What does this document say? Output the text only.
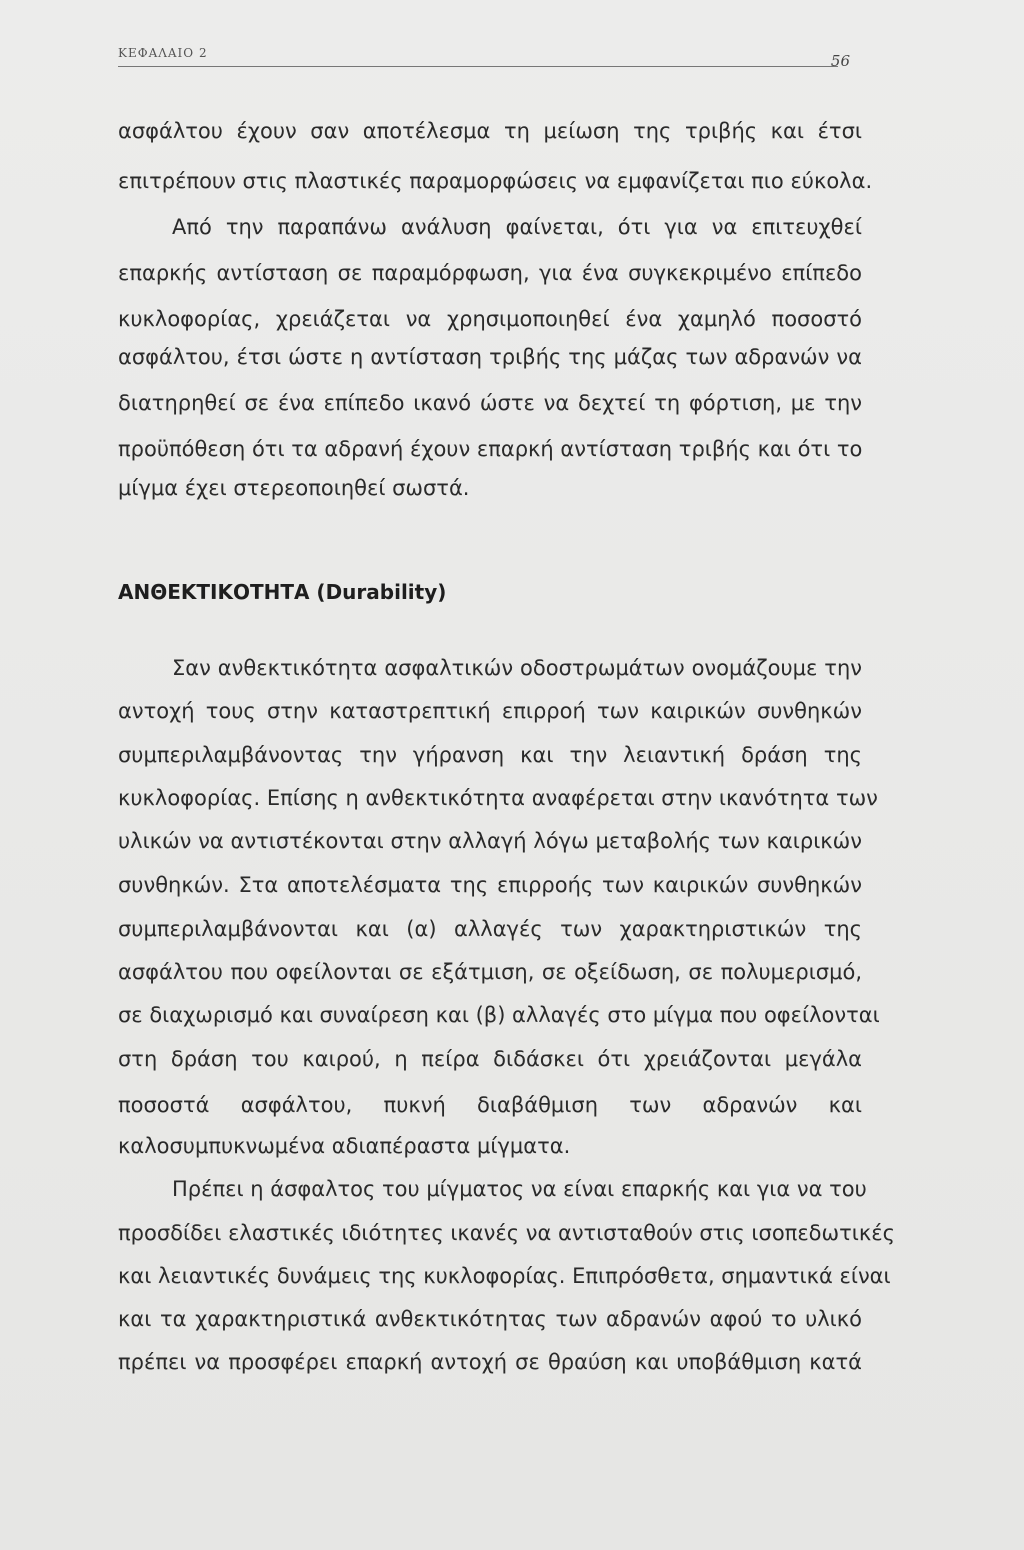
ΚΕΦΑΛΑΙΟ 2	56
ασφάλτου έχουν σαν αποτέλεσμα τη μείωση της τριβής και έτσι
επιτρέπουν στις πλαστικές παραμορφώσεις να εμφανίζεται πιο εύκολα.
Από την παραπάνω ανάλυση φαίνεται, ότι για να επιτευχθεί
επαρκής αντίσταση σε παραμόρφωση, για ένα συγκεκριμένο επίπεδο
κυκλοφορίας, χρειάζεται να χρησιμοποιηθεί ένα χαμηλό ποσοστό
ασφάλτου, έτσι ώστε η αντίσταση τριβής της μάζας των αδρανών να
διατηρηθεί σε ένα επίπεδο ικανό ώστε να δεχτεί τη φόρτιση, με την
προϋπόθεση ότι τα αδρανή έχουν επαρκή αντίσταση τριβής και ότι το
μίγμα έχει στερεοποιηθεί σωστά.
ΑΝΘΕΚΤΙΚΟΤΗΤΑ (Durability)
Σαν ανθεκτικότητα ασφαλτικών οδοστρωμάτων ονομάζουμε την
αντοχή τους στην καταστρεπτική επιρροή των καιρικών συνθηκών
συμπεριλαμβάνοντας την γήρανση και την λειαντική δράση της
κυκλοφορίας. Επίσης η ανθεκτικότητα αναφέρεται στην ικανότητα των
υλικών να αντιστέκονται στην αλλαγή λόγω μεταβολής των καιρικών
συνθηκών. Στα αποτελέσματα της επιρροής των καιρικών συνθηκών
συμπεριλαμβάνονται και (α) αλλαγές των χαρακτηριστικών της
ασφάλτου που οφείλονται σε εξάτμιση, σε οξείδωση, σε πολυμερισμό,
σε διαχωρισμό και συναίρεση και (β) αλλαγές στο μίγμα που οφείλονται
στη δράση του καιρού, η πείρα διδάσκει ότι χρειάζονται μεγάλα
ποσοστά ασφάλτου, πυκνή διαβάθμιση των αδρανών και
καλοσυμπυκνωμένα αδιαπέραστα μίγματα.
Πρέπει η άσφαλτος του μίγματος να είναι επαρκής και για να του
προσδίδει ελαστικές ιδιότητες ικανές να αντισταθούν στις ισοπεδωτικές
και λειαντικές δυνάμεις της κυκλοφορίας. Επιπρόσθετα, σημαντικά είναι
και τα χαρακτηριστικά ανθεκτικότητας των αδρανών αφού το υλικό
πρέπει να προσφέρει επαρκή αντοχή σε θραύση και υποβάθμιση κατά
